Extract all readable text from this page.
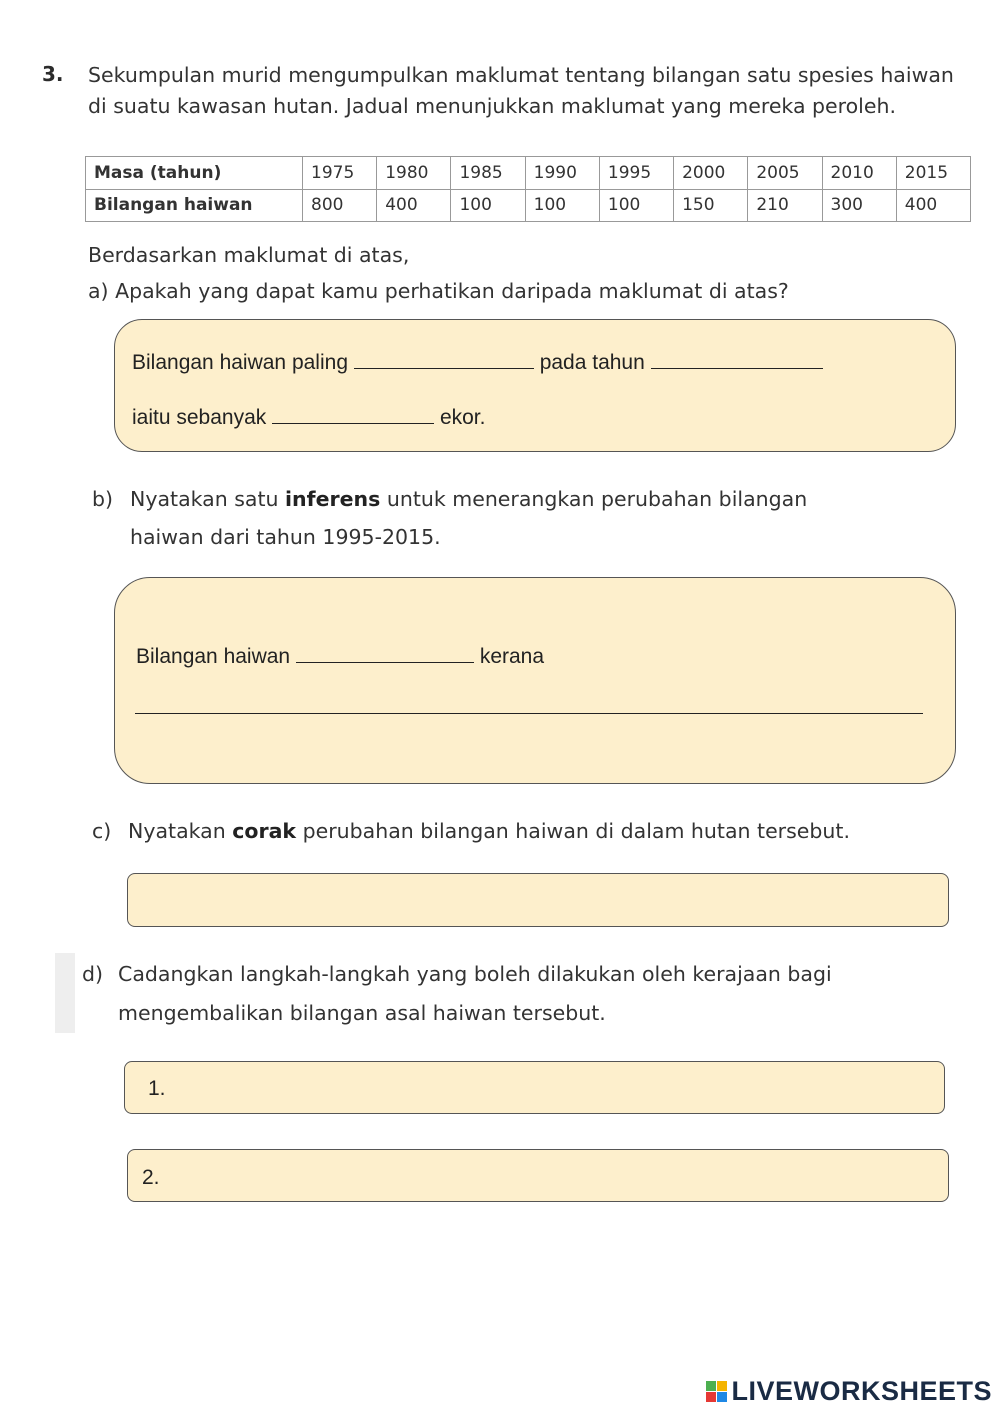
3. Sekumpulan murid mengumpulkan maklumat tentang bilangan satu spesies haiwan di suatu kawasan hutan. Jadual menunjukkan maklumat yang mereka peroleh.
Masa (tahun)	1975	1980	1985	1990	1995	2000	2005	2010	2015
Bilangan haiwan	800	400	100	100	100	150	210	300	400
Berdasarkan maklumat di atas,
a) Apakah yang dapat kamu perhatikan daripada maklumat di atas?
Bilangan haiwan paling	pada tahun
iaitu sebanyak	ekor.
b) Nyatakan satu inferens untuk menerangkan perubahan bilangan
haiwan dari tahun 1995-2015.
Bilangan haiwan	kerana
c) Nyatakan corak perubahan bilangan haiwan di dalam hutan tersebut.
d) Cadangkan langkah-langkah yang boleh dilakukan oleh kerajaan bagi
mengembalikan bilangan asal haiwan tersebut.
1.
2.
LIVEWORKSHEETS
